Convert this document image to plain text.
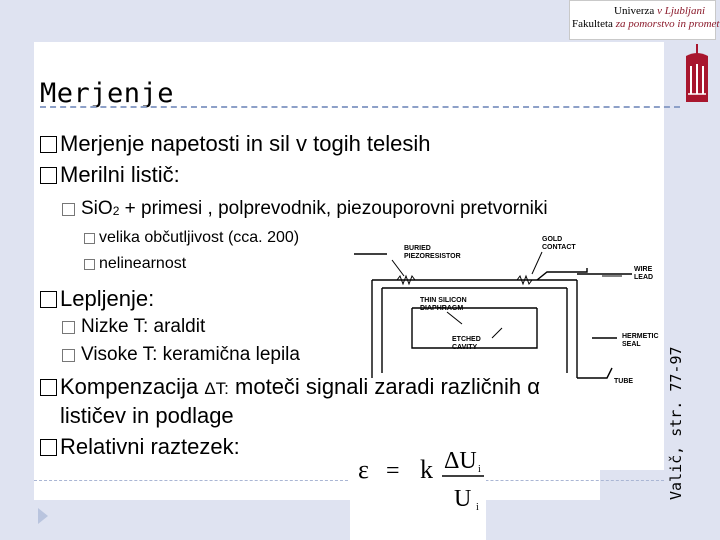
Univerza v Ljubljani
Fakulteta za pomorstvo in promet
Merjenje
Merjenje napetosti in sil v togih telesih
Merilni listič:
SiO2 + primesi , polprevodnik, piezouporovni pretvorniki
velika občutljivost (cca. 200)
nelinearnost
BURIED
PIEZORESISTOR
GOLD
CONTACT
WIRE
LEAD
THIN SILICON
DIAPHRAGM
ETCHED
CAVITY
HERMETIC
SEAL
TUBE
Lepljenje:
Nizke T: araldit
Visoke T: keramična lepila
Kompenzacija ΔT: moteči signali zaradi različnih α
lističev in podlage
Relativni raztezek:
ε = k ΔU i
U i
